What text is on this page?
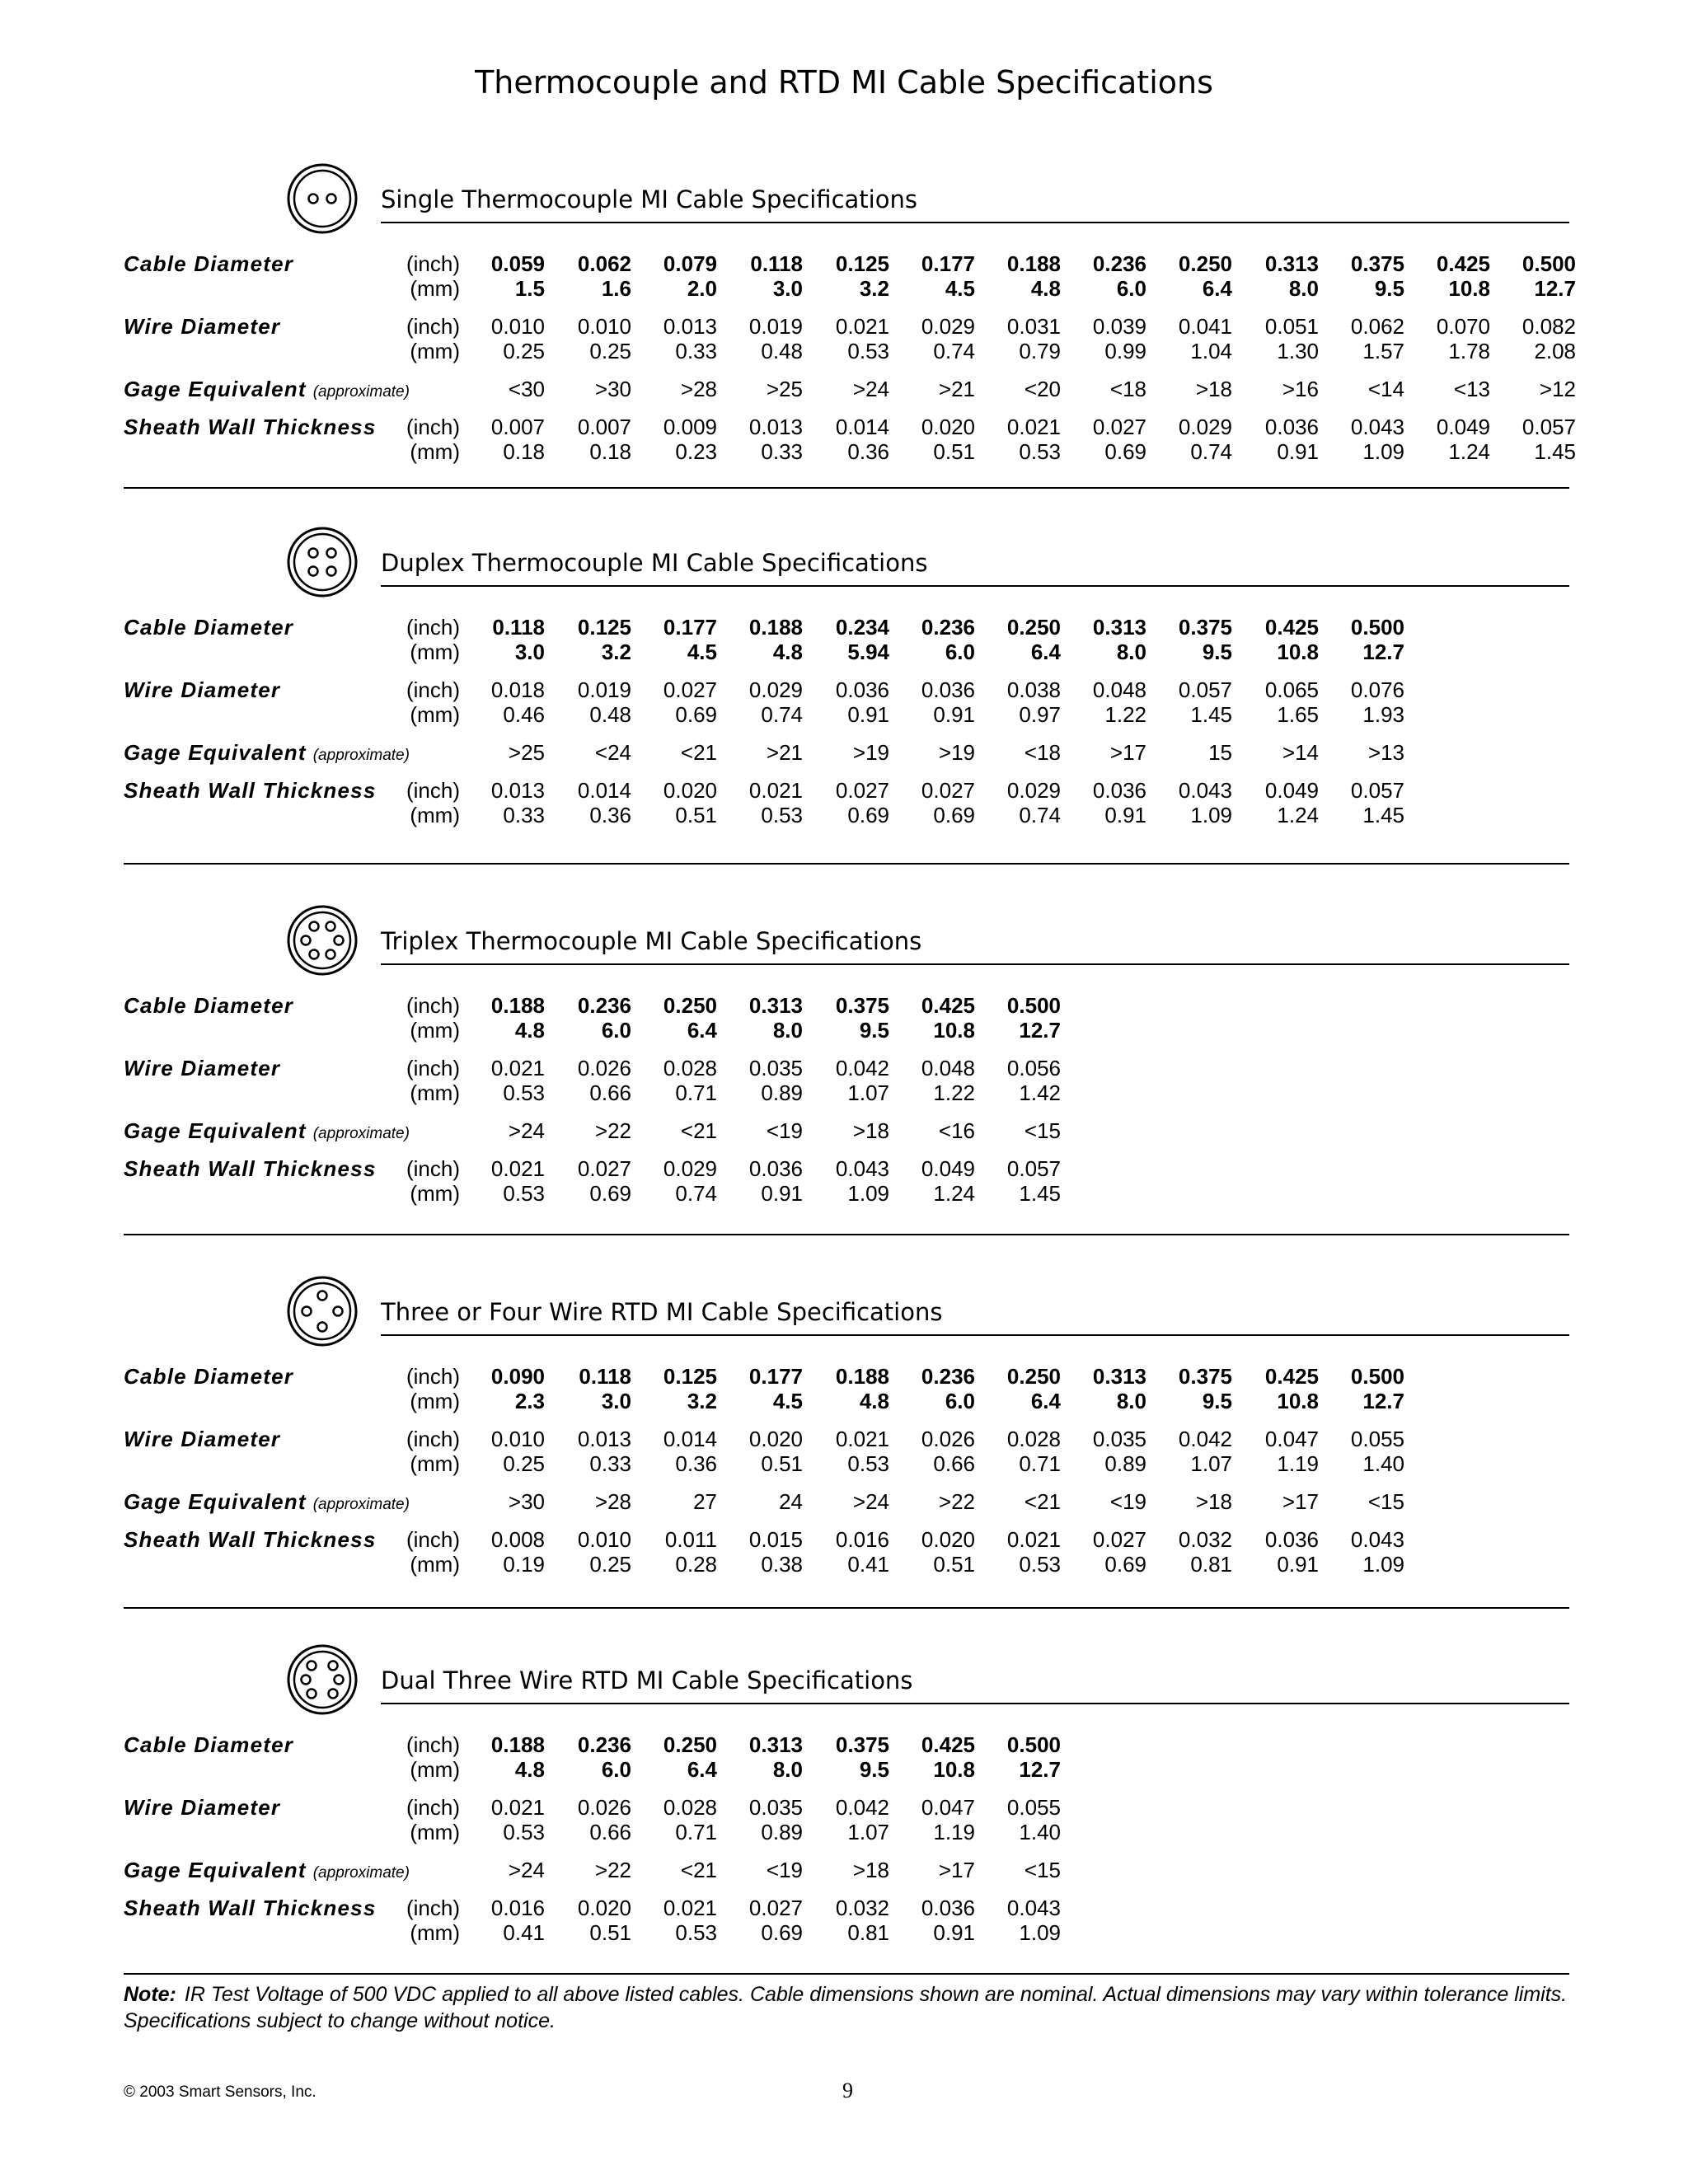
Thermocouple and RTD MI Cable Specifications
Single Thermocouple MI Cable Specifications
Cable Diameter	(inch)	0.059	0.062	0.079	0.118	0.125	0.177	0.188	0.236	0.250	0.313	0.375	0.425	0.500
(mm)	1.5	1.6	2.0	3.0	3.2	4.5	4.8	6.0	6.4	8.0	9.5	10.8	12.7
Wire Diameter	(inch)	0.010	0.010	0.013	0.019	0.021	0.029	0.031	0.039	0.041	0.051	0.062	0.070	0.082
(mm)	0.25	0.25	0.33	0.48	0.53	0.74	0.79	0.99	1.04	1.30	1.57	1.78	2.08
Gage Equivalent (approximate)	<30	>30	>28	>25	>24	>21	<20	<18	>18	>16	<14	<13	>12
Sheath Wall Thickness	(inch)	0.007	0.007	0.009	0.013	0.014	0.020	0.021	0.027	0.029	0.036	0.043	0.049	0.057
(mm)	0.18	0.18	0.23	0.33	0.36	0.51	0.53	0.69	0.74	0.91	1.09	1.24	1.45
Duplex Thermocouple MI Cable Specifications
Cable Diameter	(inch)	0.118	0.125	0.177	0.188	0.234	0.236	0.250	0.313	0.375	0.425	0.500
(mm)	3.0	3.2	4.5	4.8	5.94	6.0	6.4	8.0	9.5	10.8	12.7
Wire Diameter	(inch)	0.018	0.019	0.027	0.029	0.036	0.036	0.038	0.048	0.057	0.065	0.076
(mm)	0.46	0.48	0.69	0.74	0.91	0.91	0.97	1.22	1.45	1.65	1.93
Gage Equivalent (approximate)	>25	<24	<21	>21	>19	>19	<18	>17	15	>14	>13
Sheath Wall Thickness	(inch)	0.013	0.014	0.020	0.021	0.027	0.027	0.029	0.036	0.043	0.049	0.057
(mm)	0.33	0.36	0.51	0.53	0.69	0.69	0.74	0.91	1.09	1.24	1.45
Triplex Thermocouple MI Cable Specifications
Cable Diameter	(inch)	0.188	0.236	0.250	0.313	0.375	0.425	0.500
(mm)	4.8	6.0	6.4	8.0	9.5	10.8	12.7
Wire Diameter	(inch)	0.021	0.026	0.028	0.035	0.042	0.048	0.056
(mm)	0.53	0.66	0.71	0.89	1.07	1.22	1.42
Gage Equivalent (approximate)	>24	>22	<21	<19	>18	<16	<15
Sheath Wall Thickness	(inch)	0.021	0.027	0.029	0.036	0.043	0.049	0.057
(mm)	0.53	0.69	0.74	0.91	1.09	1.24	1.45
Three or Four Wire RTD MI Cable Specifications
Cable Diameter	(inch)	0.090	0.118	0.125	0.177	0.188	0.236	0.250	0.313	0.375	0.425	0.500
(mm)	2.3	3.0	3.2	4.5	4.8	6.0	6.4	8.0	9.5	10.8	12.7
Wire Diameter	(inch)	0.010	0.013	0.014	0.020	0.021	0.026	0.028	0.035	0.042	0.047	0.055
(mm)	0.25	0.33	0.36	0.51	0.53	0.66	0.71	0.89	1.07	1.19	1.40
Gage Equivalent (approximate)	>30	>28	27	24	>24	>22	<21	<19	>18	>17	<15
Sheath Wall Thickness	(inch)	0.008	0.010	0.011	0.015	0.016	0.020	0.021	0.027	0.032	0.036	0.043
(mm)	0.19	0.25	0.28	0.38	0.41	0.51	0.53	0.69	0.81	0.91	1.09
Dual Three Wire RTD MI Cable Specifications
Cable Diameter	(inch)	0.188	0.236	0.250	0.313	0.375	0.425	0.500
(mm)	4.8	6.0	6.4	8.0	9.5	10.8	12.7
Wire Diameter	(inch)	0.021	0.026	0.028	0.035	0.042	0.047	0.055
(mm)	0.53	0.66	0.71	0.89	1.07	1.19	1.40
Gage Equivalent (approximate)	>24	>22	<21	<19	>18	>17	<15
Sheath Wall Thickness	(inch)	0.016	0.020	0.021	0.027	0.032	0.036	0.043
(mm)	0.41	0.51	0.53	0.69	0.81	0.91	1.09

Note: IR Test Voltage of 500 VDC applied to all above listed cables. Cable dimensions shown are nominal. Actual dimensions may vary within tolerance limits. Specifications subject to change without notice.

© 2003 Smart Sensors, Inc.	9
